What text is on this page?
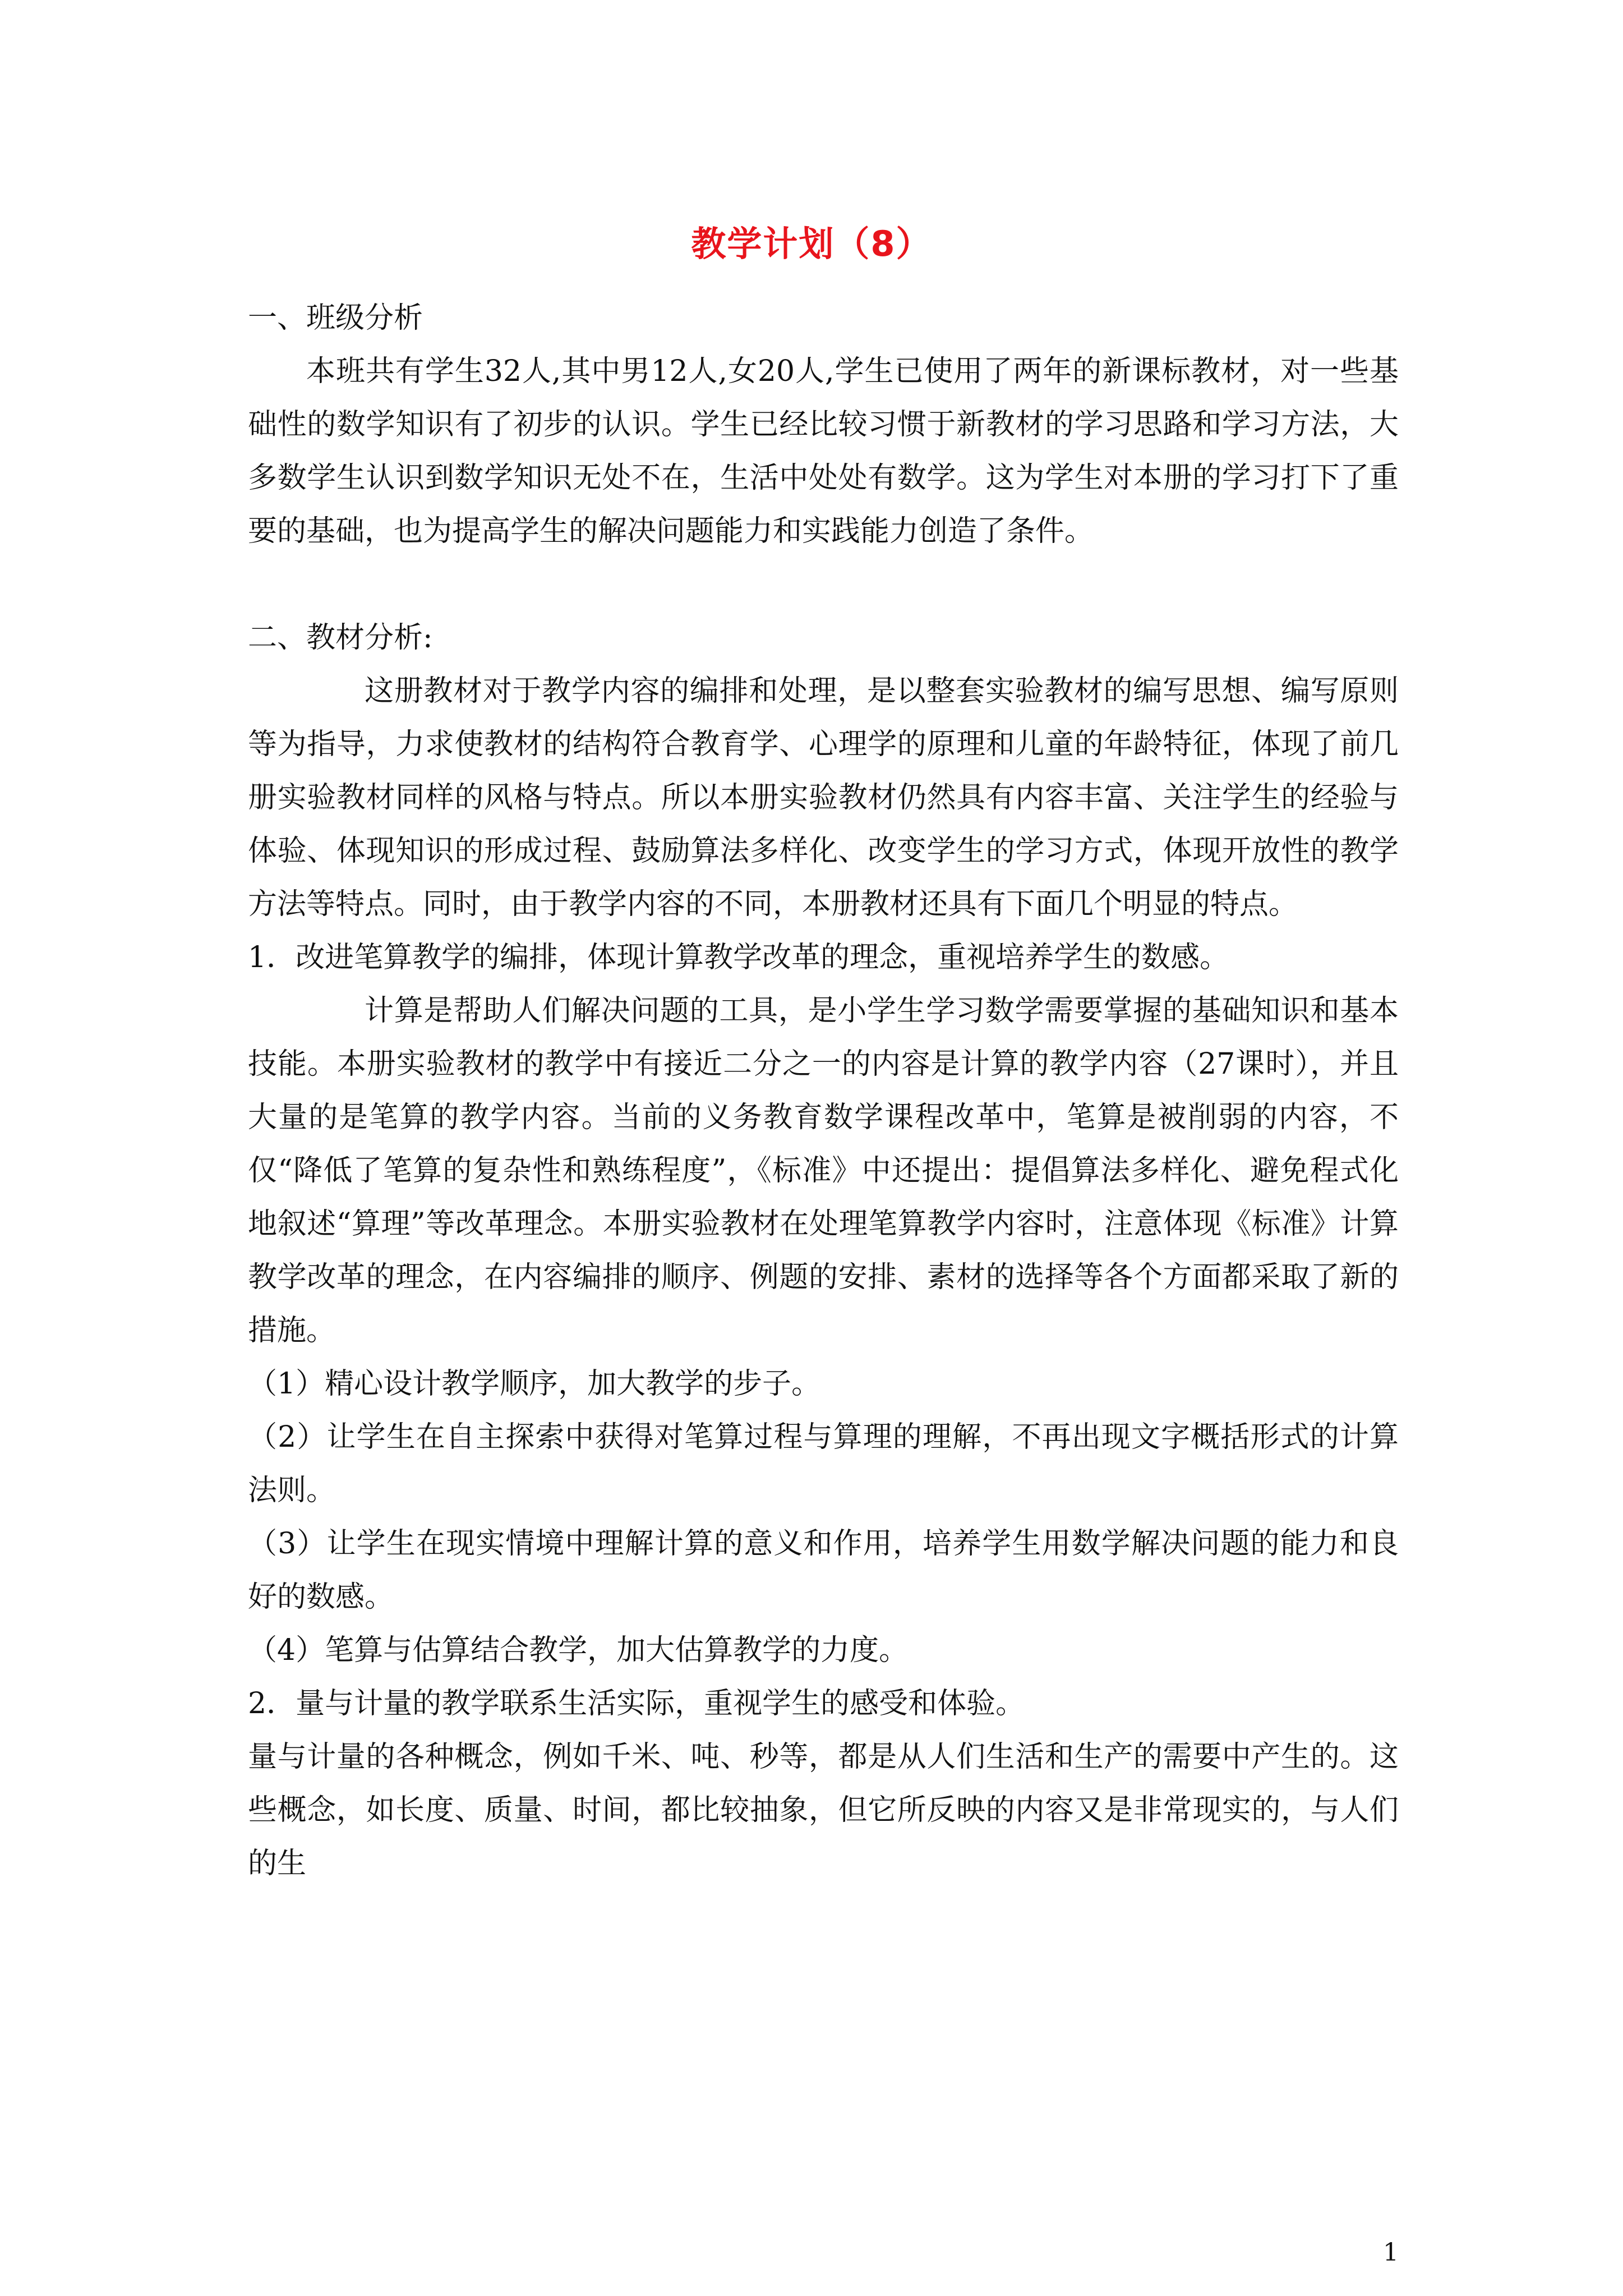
教学计划（8）

一、班级分析

本班共有学生32人,其中男12人,女20人,学生已使用了两年的新课标教材，对一些基础性的数学知识有了初步的认识。学生已经比较习惯于新教材的学习思路和学习方法，大多数学生认识到数学知识无处不在，生活中处处有数学。这为学生对本册的学习打下了重要的基础，也为提高学生的解决问题能力和实践能力创造了条件。

二、教材分析:

这册教材对于教学内容的编排和处理，是以整套实验教材的编写思想、编写原则等为指导，力求使教材的结构符合教育学、心理学的原理和儿童的年龄特征，体现了前几册实验教材同样的风格与特点。所以本册实验教材仍然具有内容丰富、关注学生的经验与体验、体现知识的形成过程、鼓励算法多样化、改变学生的学习方式，体现开放性的教学方法等特点。同时，由于教学内容的不同，本册教材还具有下面几个明显的特点。

1．改进笔算教学的编排，体现计算教学改革的理念，重视培养学生的数感。

计算是帮助人们解决问题的工具，是小学生学习数学需要掌握的基础知识和基本技能。本册实验教材的教学中有接近二分之一的内容是计算的教学内容（27课时），并且大量的是笔算的教学内容。当前的义务教育数学课程改革中，笔算是被削弱的内容，不仅“降低了笔算的复杂性和熟练程度”，《标准》中还提出：提倡算法多样化、避免程式化地叙述“算理”等改革理念。本册实验教材在处理笔算教学内容时，注意体现《标准》计算教学改革的理念，在内容编排的顺序、例题的安排、素材的选择等各个方面都采取了新的措施。

（1）精心设计教学顺序，加大教学的步子。

（2）让学生在自主探索中获得对笔算过程与算理的理解，不再出现文字概括形式的计算法则。

（3）让学生在现实情境中理解计算的意义和作用，培养学生用数学解决问题的能力和良好的数感。

（4）笔算与估算结合教学，加大估算教学的力度。

2．量与计量的教学联系生活实际，重视学生的感受和体验。

量与计量的各种概念，例如千米、吨、秒等，都是从人们生活和生产的需要中产生的。这些概念，如长度、质量、时间，都比较抽象，但它所反映的内容又是非常现实的，与人们的生

1
